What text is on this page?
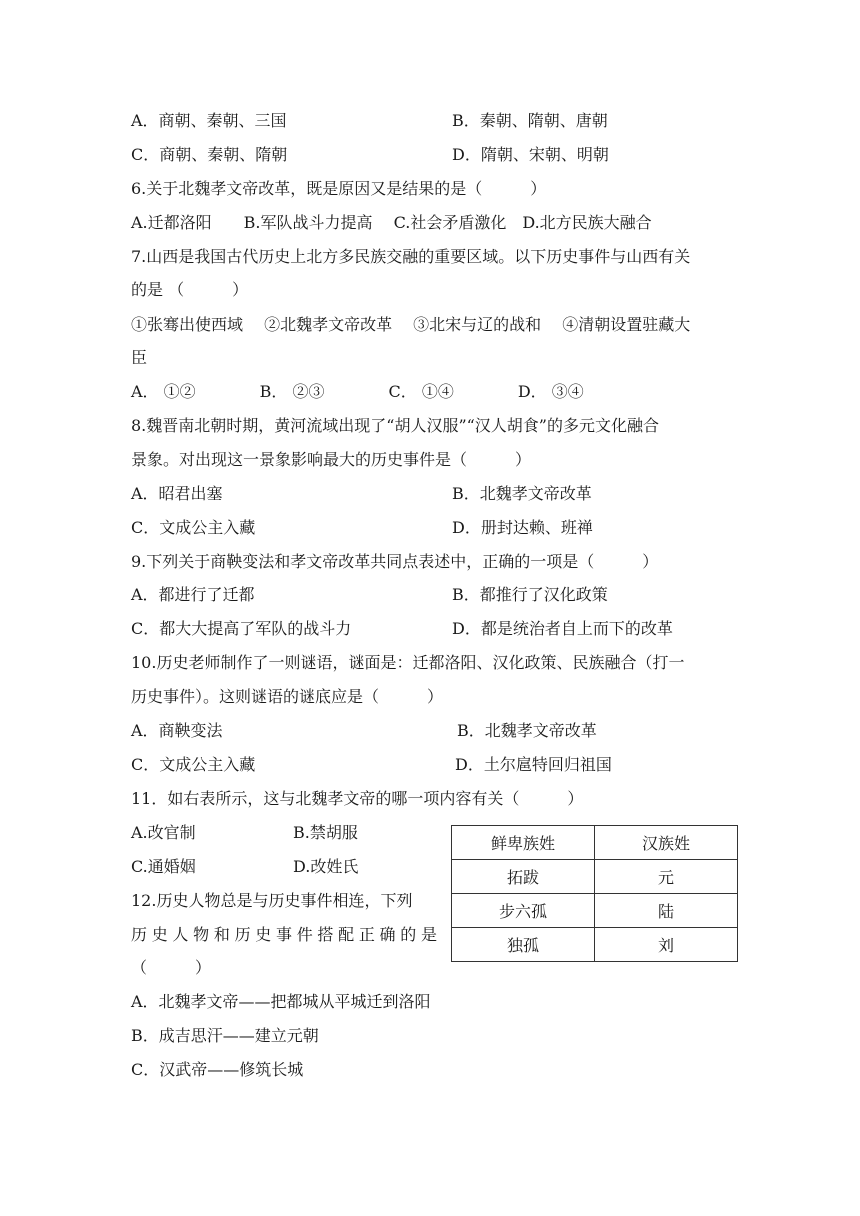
A．商朝、秦朝、三国	B．秦朝、隋朝、唐朝
C．商朝、秦朝、隋朝	D．隋朝、宋朝、明朝
6.关于北魏孝文帝改革，既是原因又是结果的是（　　　）
A.迁都洛阳　　B.军队战斗力提高　 C.社会矛盾激化　D.北方民族大融合
7.山西是我国古代历史上北方多民族交融的重要区域。以下历史事件与山西有关
的是 （　　　）
①张骞出使西域　 ②北魏孝文帝改革　 ③北宋与辽的战和　 ④清朝设置驻藏大
臣
A． ①②　　　　B． ②③　　　　C． ①④　　　　D． ③④
8.魏晋南北朝时期，黄河流域出现了“胡人汉服”“汉人胡食”的多元文化融合
景象。对出现这一景象影响最大的历史事件是（　　　）
A．昭君出塞	B．北魏孝文帝改革
C．文成公主入藏	D．册封达赖、班禅
9.下列关于商鞅变法和孝文帝改革共同点表述中，正确的一项是（　　　）
A．都进行了迁都	B．都推行了汉化政策
C．都大大提高了军队的战斗力	D．都是统治者自上而下的改革
10.历史老师制作了一则谜语，谜面是：迁都洛阳、汉化政策、民族融合（打一
历史事件）。这则谜语的谜底应是（　　　）
A．商鞅变法	B．北魏孝文帝改革
C．文成公主入藏	D．土尔扈特回归祖国
11．如右表所示，这与北魏孝文帝的哪一项内容有关（　　　）
A.改官制	B.禁胡服
C.通婚姻	D.改姓氏
鲜卑族姓	汉族姓
拓跋	元
步六孤	陆
独孤	刘
12.历史人物总是与历史事件相连，下列
历史人物和历史事件搭配正确的是
（　　　）
A．北魏孝文帝——把都城从平城迁到洛阳
B．成吉思汗——建立元朝
C．汉武帝——修筑长城
